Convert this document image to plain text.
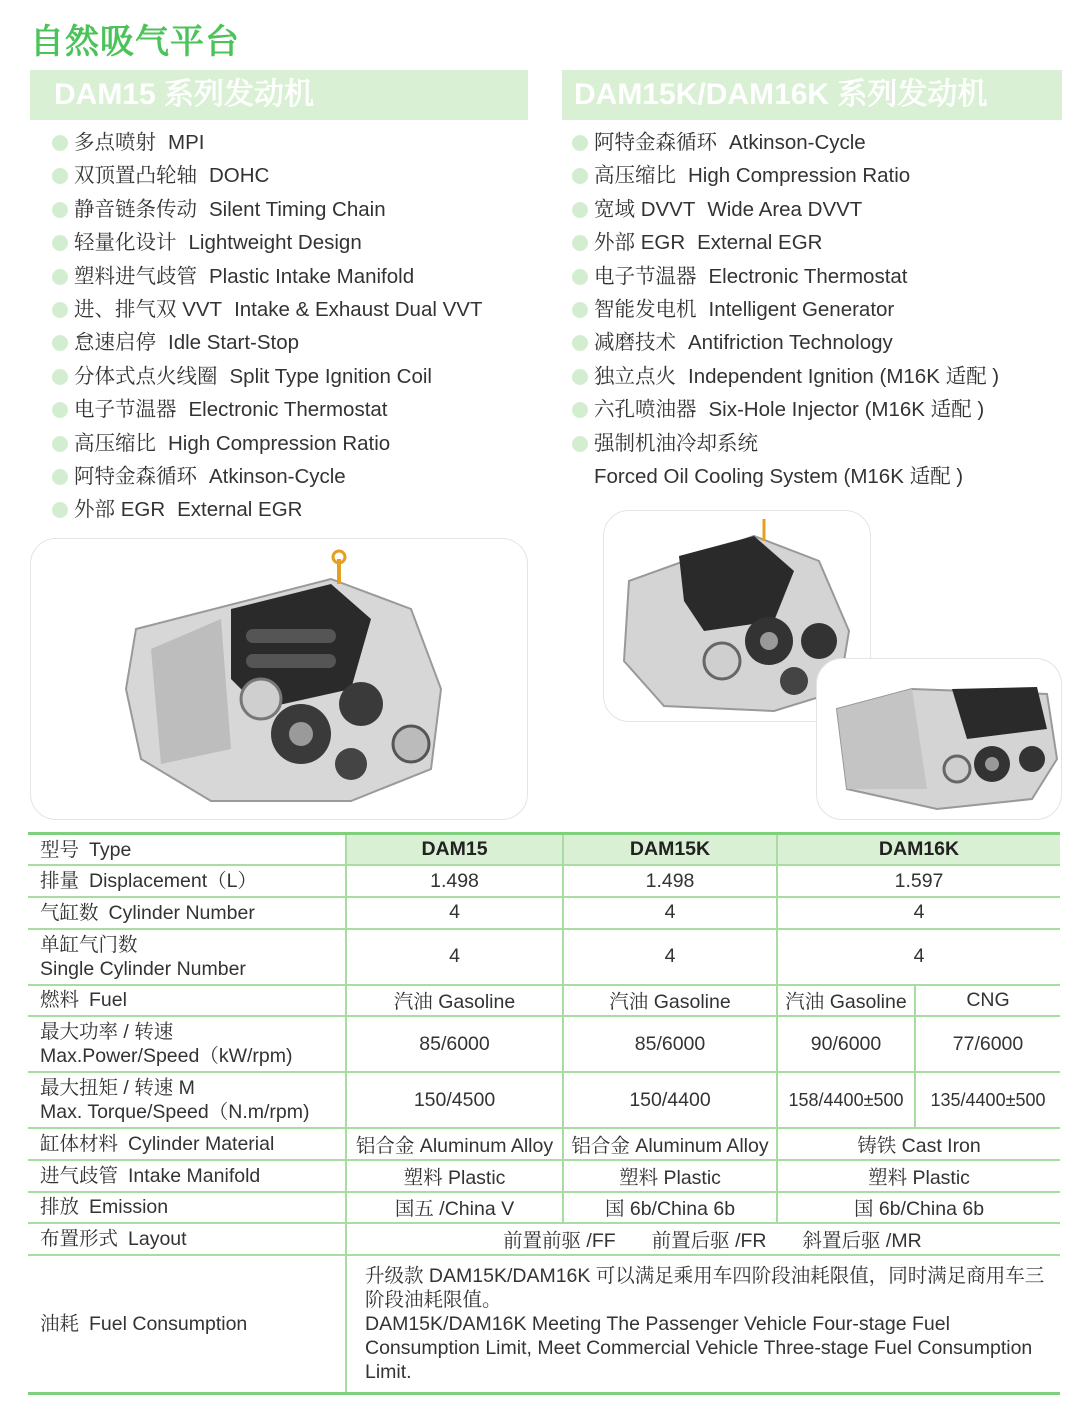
自然吸气平台
DAM15 系列发动机	DAM15K/DAM16K 系列发动机
多点喷射 MPI
双顶置凸轮轴 DOHC
静音链条传动 Silent Timing Chain
轻量化设计 Lightweight Design
塑料进气歧管 Plastic Intake Manifold
进、排气双 VVT Intake & Exhaust Dual VVT
怠速启停 Idle Start-Stop
分体式点火线圈 Split Type Ignition Coil
电子节温器 Electronic Thermostat
高压缩比 High Compression Ratio
阿特金森循环 Atkinson-Cycle
外部 EGR External EGR
阿特金森循环 Atkinson-Cycle
高压缩比 High Compression Ratio
宽域 DVVT Wide Area DVVT
外部 EGR External EGR
电子节温器 Electronic Thermostat
智能发电机 Intelligent Generator
减磨技术 Antifriction Technology
独立点火 Independent Ignition (M16K 适配 )
六孔喷油器 Six-Hole Injector (M16K 适配 )
强制机油冷却系统
Forced Oil Cooling System (M16K 适配 )
型号 Type	DAM15	DAM15K	DAM16K	
排量 Displacement（L）	1.498	1.498	1.597	
气缸数 Cylinder Number	4	4	4	

单缸气门数
Single Cylinder Number	4	4	4	
燃料 Fuel	汽油 Gasoline	汽油 Gasoline	汽油 Gasoline	CNG

最大功率 / 转速
Max.Power/Speed（kW/rpm)	85/6000	85/6000	90/6000	77/6000

最大扭矩 / 转速 M
Max. Torque/Speed（N.m/rpm)	150/4500	150/4400	158/4400±500	135/4400±500
缸体材料 Cylinder Material	铝合金 Aluminum Alloy	铝合金 Aluminum Alloy	铸铁 Cast Iron	
进气歧管 Intake Manifold	塑料 Plastic	塑料 Plastic	塑料 Plastic	
排放 Emission	国五 /China V	国 6b/China 6b	国 6b/China 6b	
布置形式 Layout	前置前驱 /FF 前置后驱 /FR 斜置后驱 /MR			
油耗 Fuel Consumption	升级款 DAM15K/DAM16K 可以满足乘用车四阶段油耗限值，同时满足商用车三阶段油耗限值。
DAM15K/DAM16K Meeting The Passenger Vehicle Four-stage Fuel Consumption Limit, Meet Commercial Vehicle Three-stage Fuel Consumption Limit.			
